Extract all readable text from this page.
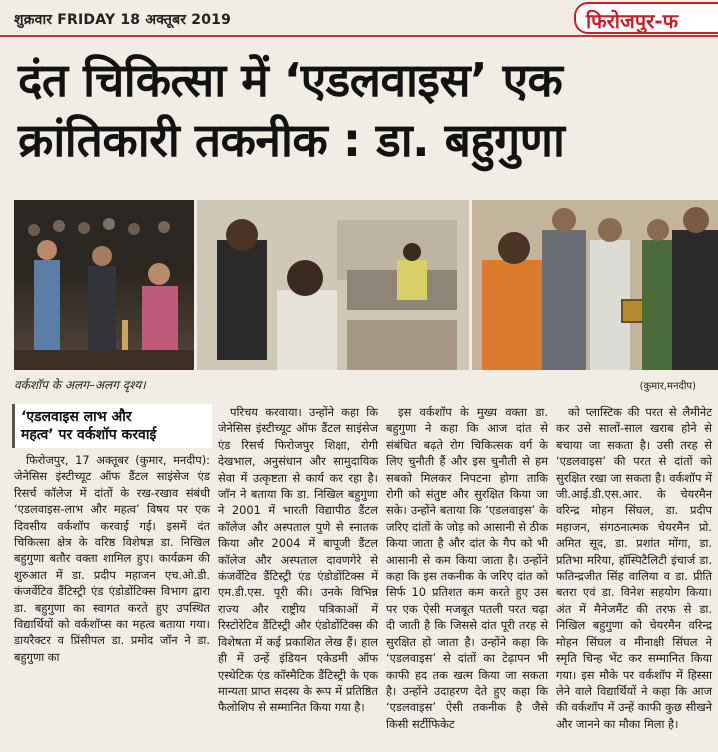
शुक्रवार FRIDAY 18 अक्तूबर 2019	फिरोजपुर-फ
दंत चिकित्सा में ‘एडलवाइस’ एक
क्रांतिकारी तकनीक : डा. बहुगुणा
वर्कशॉप के अलग–अलग दृश्य।	(कुमार,मनदीप)
‘एडलवाइस लाभ और
महत्व’ पर वर्कशॉप करवाई

फिरोजपुर, 17 अक्तूबर (कुमार, मनदीप): जेनेसिस इंस्टीच्यूट ऑफ डैंटल साइंसेज एंड रिसर्च कॉलेज में दांतों के रख-रखाव संबंधी ‘एडलवाइस-लाभ और महत्व’ विषय पर एक दिवसीय वर्कशॉप करवाई गई। इसमें दंत चिकित्सा क्षेत्र के वरिष्ठ विशेषज्ञ डा. निखिल बहुगुणा बतौर वक्ता शामिल हुए। कार्यक्रम की शुरुआत में डा. प्रदीप महाजन एच.ओ.डी. कंजर्वेटिव डैंटिस्ट्री एंड एंडोडोंटिक्स विभाग द्वारा डा. बहुगुणा का स्वागत करते हुए उपस्थित विद्यार्थियों को वर्कशॉप्स का महत्व बताया गया। डायरैक्टर व प्रिंसीपल डा. प्रमोद जॉन ने डा. बहुगुणा का

परिचय करवाया। उन्होंने कहा कि जेनेसिस इंस्टीच्यूट ऑफ डैंटल साइंसेज एंड रिसर्च फिरोजपुर शिक्षा, रोगी देखभाल, अनुसंधान और सामुदायिक सेवा में उत्कृष्टता से कार्य कर रहा है। जॉन ने बताया कि डा. निखिल बहुगुणा ने 2001 में भारती विद्यापीठ डैंटल कॉलेज और अस्पताल पुणे से स्नातक किया और 2004 में बापूजी डैंटल कॉलेज और अस्पताल दावणगेरे से कंजर्वेटिव डैंटिस्ट्री एंड एंडोडोंटिक्स में एम.डी.एस. पूरी की। उनके विभिन्न राज्य और राष्ट्रीय पत्रिकाओं में रिस्टोरेटिव डैंटिस्ट्री और एंडोडोंटिक्स की विशेषता में कई प्रकाशित लेख हैं। हाल ही में उन्हें इंडियन एकेडमी ऑफ एस्थेटिक एंड कॉस्मैटिक डैंटिस्ट्री के एक मान्यता प्राप्त सदस्य के रूप में प्रतिष्ठित फैलोशिप से सम्मानित किया गया है।

इस वर्कशॉप के मुख्य वक्ता डा. बहुगुणा ने कहा कि आज दांत से संबंधित बढ़ते रोग चिकित्सक वर्ग के लिए चुनौती हैं और इस चुनौती से हम सबको मिलकर निपटना होगा ताकि रोगी को संतुष्ट और सुरक्षित किया जा सके। उन्होंने बताया कि ‘एडलवाइस’ के जरिए दांतों के जोड़ को आसानी से ठीक किया जाता है और दांत के गैप को भी आसानी से कम किया जाता है। उन्होंने कहा कि इस तकनीक के जरिए दांत को सिर्फ 10 प्रतिशत कम करते हुए उस पर एक ऐसी मजबूत पतली परत चढ़ा दी जाती है कि जिससे दांत पूरी तरह से सुरक्षित हो जाता है। उन्होंने कहा कि ‘एडलवाइस’ से दांतों का टेढ़ापन भी काफी हद तक खत्म किया जा सकता है। उन्होंने उदाहरण देते हुए कहा कि ‘एडलवाइस’ ऐसी तकनीक है जैसे किसी सर्टीफिकेट

को प्लास्टिक की परत से लैमीनेट कर उसे सालों-साल खराब होने से बचाया जा सकता है। उसी तरह से ‘एडलवाइस’ की परत से दांतों को सुरक्षित रखा जा सकता है। वर्कशॉप में जी.आई.डी.एस.आर. के चेयरमैन वरिन्द्र मोहन सिंघल, डा. प्रदीप महाजन, संगठनात्मक चेयरमैन प्रो. अमित सूद, डा. प्रशांत मोंगा, डा. प्रतिभा मरिया, हॉस्पिटैलिटी इंचार्ज डा. फतिन्द्रजीत सिंह वालिया व डा. प्रीति बतरा एवं डा. विनेश सहयोग किया। अंत में मैनेजमैंट की तरफ से डा. निखिल बहुगुणा को चेयरमैन वरिन्द्र मोहन सिंघल व मीनाक्षी सिंघल ने स्मृति चिन्ह भेंट कर सम्मानित किया गया। इस मौके पर वर्कशॉप में हिस्सा लेने वाले विद्यार्थियों ने कहा कि आज की वर्कशॉप में उन्हें काफी कुछ सीखने और जानने का मौका मिला है।
